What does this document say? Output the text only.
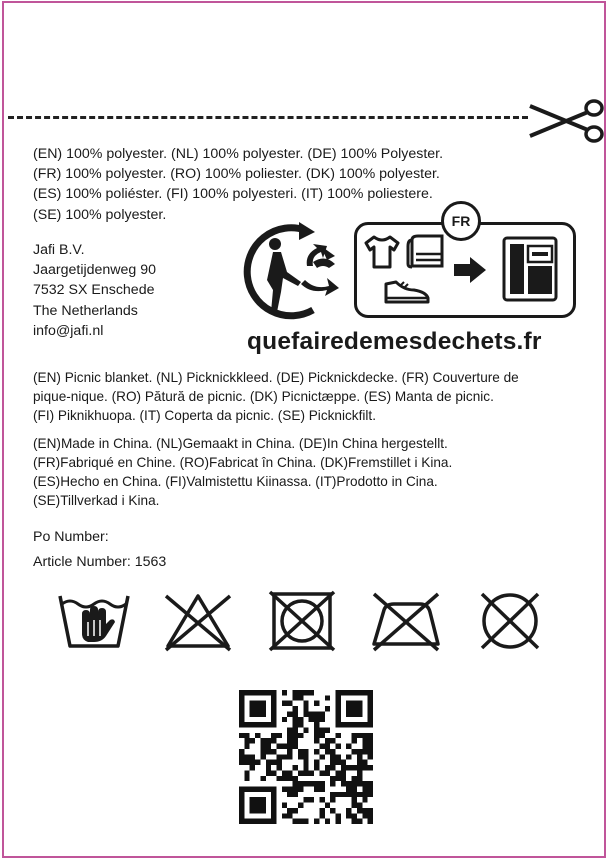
(EN) 100% polyester. (NL) 100% polyester. (DE) 100% Polyester.
(FR) 100% polyester. (RO) 100% poliester. (DK) 100% polyester.
(ES) 100% poliéster. (FI) 100% polyesteri. (IT) 100% poliestere.
(SE) 100% polyester.
Jafi B.V.
Jaargetijdenweg 90
7532 SX Enschede
The Netherlands
info@jafi.nl
FR
quefairedemesdechets.fr
(EN) Picnic blanket. (NL) Picknickkleed. (DE) Picknickdecke. (FR) Couverture de
pique-nique. (RO) Pătură de picnic. (DK) Picnictæppe. (ES) Manta de picnic.
(FI) Piknikhuopa. (IT) Coperta da picnic. (SE) Picknickfilt.
(EN)Made in China. (NL)Gemaakt in China. (DE)In China hergestellt.
(FR)Fabriqué en Chine. (RO)Fabricat în China. (DK)Fremstillet i Kina.
(ES)Hecho en China. (FI)Valmistettu Kiinassa. (IT)Prodotto in Cina.
(SE)Tillverkad i Kina.
Po Number:
Article Number: 1563
